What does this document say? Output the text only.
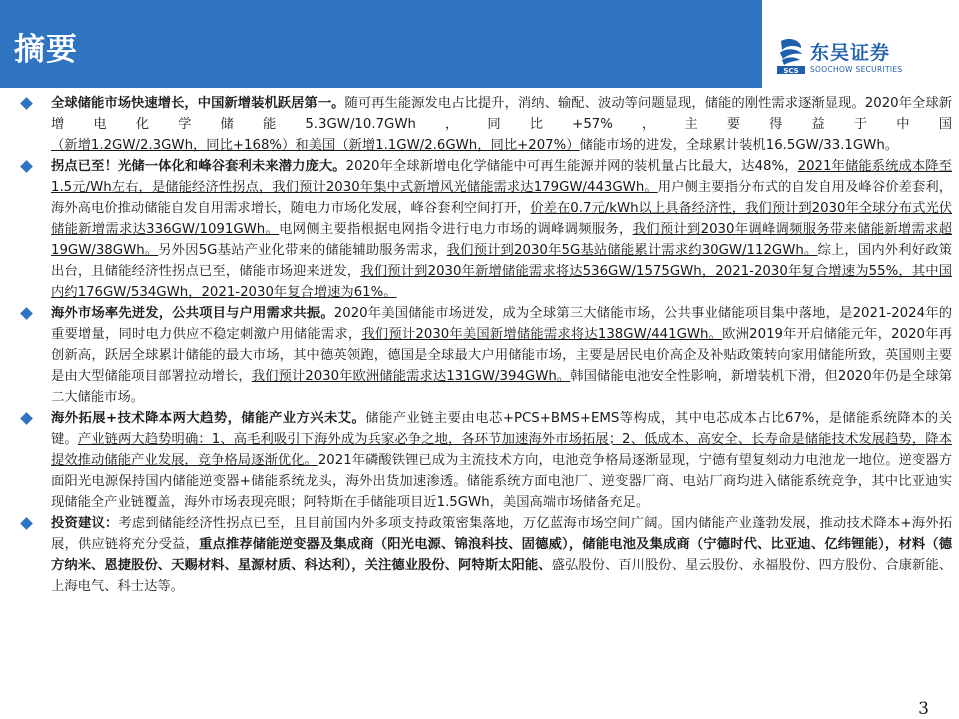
摘要
SCS
东吴证券
SOOCHOW SECURITIES

全球储能市场快速增长，中国新增装机跃居第一。随可再生能源发电占比提升，消纳、输配、波动等问题显现，储能的刚性需求逐渐显现。2020年全球新增电化学储能5.3GW/10.7GWh，同比+57%，主要得益于中国（新增1.2GW/2.3GWh，同比+168%）和美国（新增1.1GW/2.6GWh，同比+207%）储能市场的进发，全球累计装机16.5GW/33.1GWh。

拐点已至！光储一体化和峰谷套利未来潜力庞大。2020年全球新增电化学储能中可再生能源并网的装机量占比最大，达48%，2021年储能系统成本降至1.5元/Wh左右，是储能经济性拐点，我们预计2030年集中式新增风光储能需求达179GW/443GWh。用户侧主要指分布式的自发自用及峰谷价差套利，海外高电价推动储能自发自用需求增长，随电力市场化发展，峰谷套利空间打开，价差在0.7元/kWh以上具备经济性，我们预计到2030年全球分布式光伏储能新增需求达336GW/1091GWh。电网侧主要指根据电网指令进行电力市场的调峰调频服务，我们预计到2030年调峰调频服务带来储能新增需求超19GW/38GWh。另外因5G基站产业化带来的储能辅助服务需求，我们预计到2030年5G基站储能累计需求约30GW/112GWh。综上，国内外利好政策出台，且储能经济性拐点已至，储能市场迎来迸发，我们预计到2030年新增储能需求将达536GW/1575GWh，2021-2030年复合增速为55%，其中国内约176GW/534GWh，2021-2030年复合增速为61%。

海外市场率先迸发，公共项目与户用需求共振。2020年美国储能市场迸发，成为全球第三大储能市场，公共事业储能项目集中落地，是2021-2024年的重要增量，同时电力供应不稳定刺激户用储能需求，我们预计2030年美国新增储能需求将达138GW/441GWh。欧洲2019年开启储能元年，2020年再创新高，跃居全球累计储能的最大市场，其中德英领跑，德国是全球最大户用储能市场，主要是居民电价高企及补贴政策转向家用储能所致，英国则主要是由大型储能项目部署拉动增长，我们预计2030年欧洲储能需求达131GW/394GWh。韩国储能电池安全性影响，新增装机下滑，但2020年仍是全球第二大储能市场。

海外拓展+技术降本两大趋势，储能产业方兴未艾。储能产业链主要由电芯+PCS+BMS+EMS等构成，其中电芯成本占比67%，是储能系统降本的关键。产业链两大趋势明确：1、高毛利吸引下海外成为兵家必争之地，各环节加速海外市场拓展；2、低成本、高安全、长寿命是储能技术发展趋势，降本提效推动储能产业发展，竞争格局逐渐优化。2021年磷酸铁锂已成为主流技术方向，电池竞争格局逐渐显现，宁德有望复刻动力电池龙一地位。逆变器方面阳光电源保持国内储能逆变器+储能系统龙头，海外出货加速渗透。储能系统方面电池厂、逆变器厂商、电站厂商均进入储能系统竞争，其中比亚迪实现储能全产业链覆盖，海外市场表现亮眼；阿特斯在手储能项目近1.5GWh，美国高端市场储备充足。

投资建议：考虑到储能经济性拐点已至，且目前国内外多项支持政策密集落地，万亿蓝海市场空间广阔。国内储能产业蓬勃发展，推动技术降本+海外拓展，供应链将充分受益，重点推荐储能逆变器及集成商（阳光电源、锦浪科技、固德威），储能电池及集成商（宁德时代、比亚迪、亿纬锂能），材料（德方纳米、恩捷股份、天赐材料、星源材质、科达利），关注德业股份、阿特斯太阳能、盛弘股份、百川股份、星云股份、永福股份、四方股份、合康新能、上海电气、科士达等。

3
